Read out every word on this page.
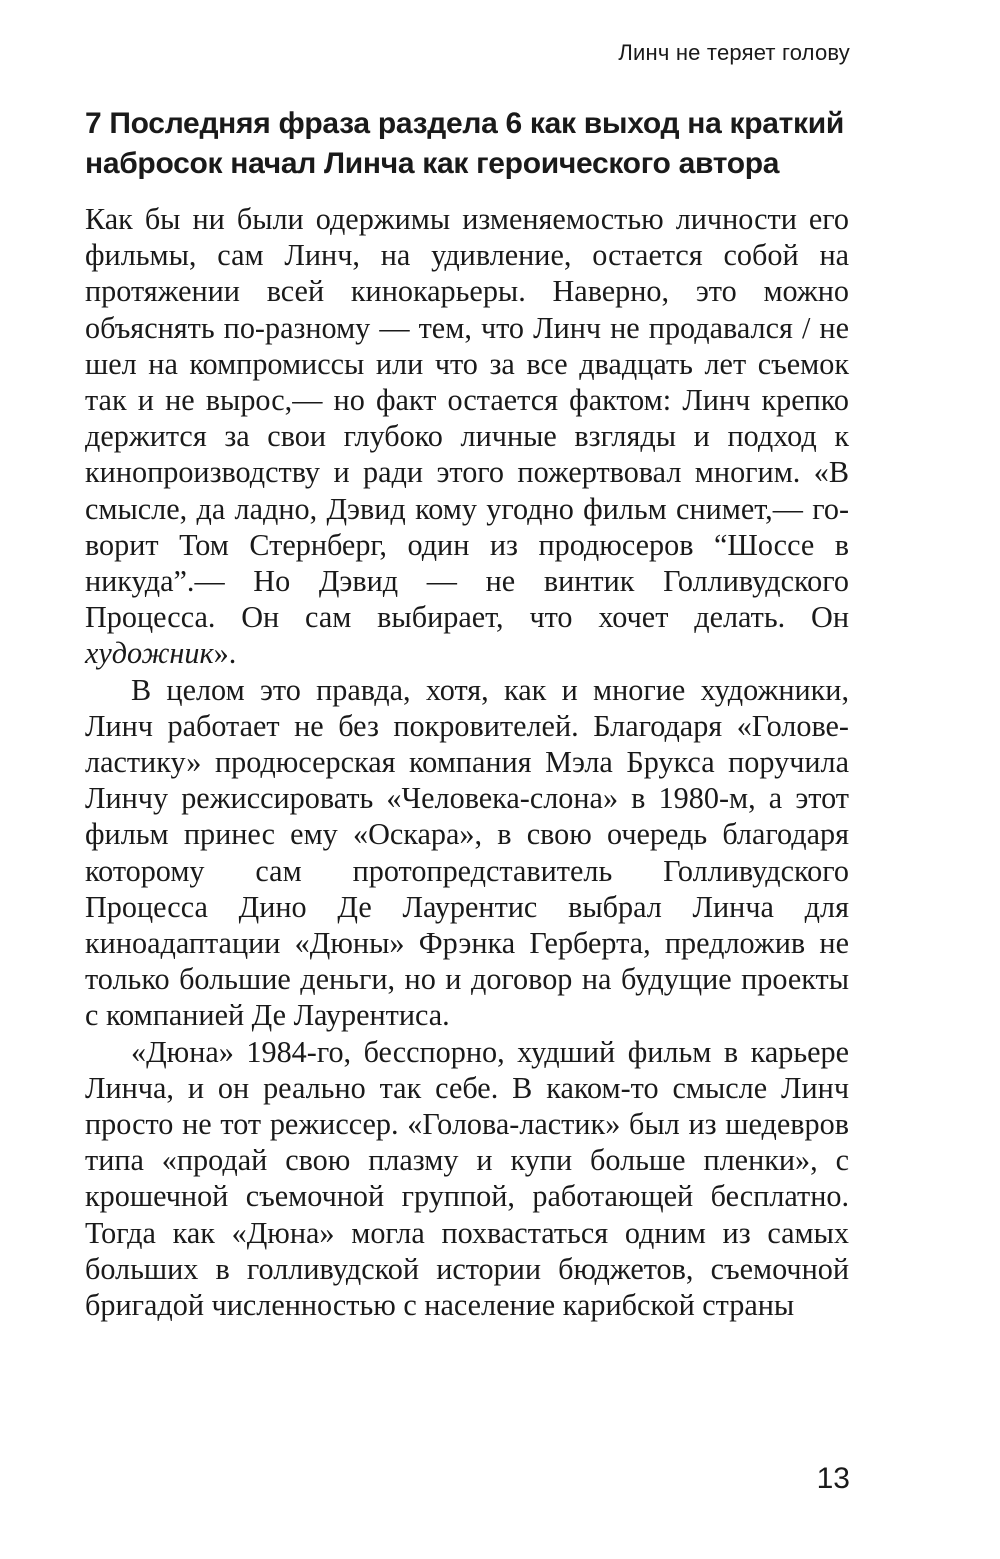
Линч не теряет голову
7 Последняя фраза раздела 6 как выход на краткий
набросок начал Линча как героического автора

Как бы ни были одержимы изменяемостью личности его фильмы, сам Линч, на удивление, остается собой на протяжении всей кинокарьеры. Наверно, это можно объяснять по-разному — тем, что Линч не продавался / не шел на компромиссы или что за все двадцать лет съемок так и не вырос,— но факт остается фактом: Линч крепко держится за свои глубоко личные взгляды и подход к кинопроизводству и ради этого пожертвовал многим. «В смысле, да ладно, Дэвид кому угодно фильм снимет,— говорит Том Стернберг, один из продюсеров “Шоссе в никуда”.— Но Дэвид — не винтик Голливудского Процесса. Он сам выбирает, что хочет делать. Он художник».

В целом это правда, хотя, как и многие художники, Линч работает не без покровителей. Благодаря «Голове-ластику» продюсерская компания Мэла Брукса поручила Линчу режиссировать «Человека-слона» в 1980-м, а этот фильм принес ему «Оскара», в свою очередь благодаря которому сам протопредставитель Голливудского Процесса Дино Де Лаурентис выбрал Линча для киноадаптации «Дюны» Фрэнка Герберта, предложив не только большие деньги, но и договор на будущие проекты с компанией Де Лаурентиса.

«Дюна» 1984-го, бесспорно, худший фильм в карьере Линча, и он реально так себе. В каком-то смысле Линч просто не тот режиссер. «Голова-ластик» был из шедевров типа «продай свою плазму и купи больше пленки», с крошечной съемочной группой, работающей бесплатно. Тогда как «Дюна» могла похвастаться одним из самых больших в голливудской истории бюджетов, съемочной бригадой численностью с население карибской страны

13
